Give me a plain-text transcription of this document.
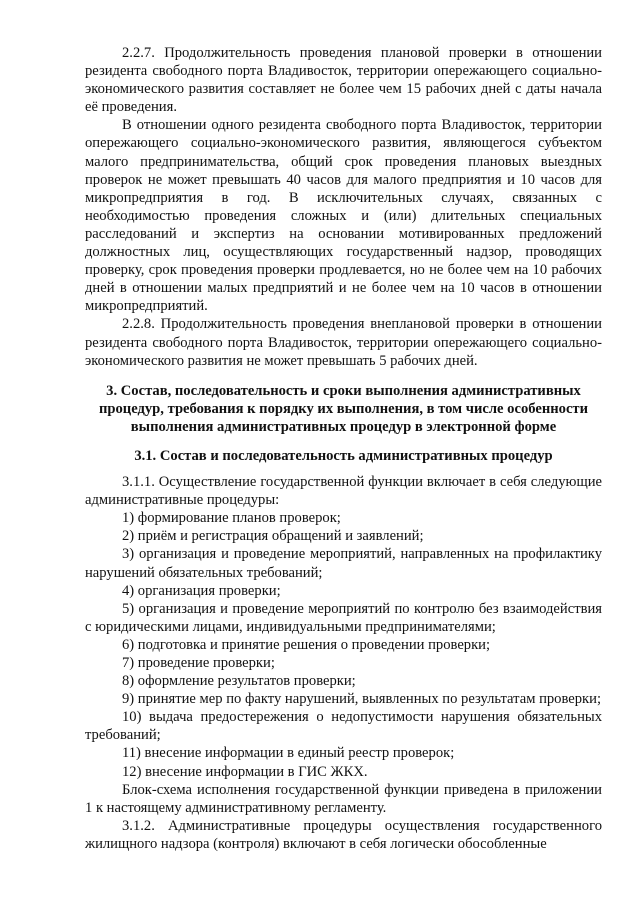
2.2.7. Продолжительность проведения плановой проверки в отношении резидента свободного порта Владивосток, территории опережающего социально-экономического развития составляет не более чем 15 рабочих дней с даты начала её проведения.

В отношении одного резидента свободного порта Владивосток, территории опережающего социально-экономического развития, являющегося субъектом малого предпринимательства, общий срок проведения плановых выездных проверок не может превышать 40 часов для малого предприятия и 10 часов для микропредприятия в год. В исключительных случаях, связанных с необходимостью проведения сложных и (или) длительных специальных расследований и экспертиз на основании мотивированных предложений должностных лиц, осуществляющих государственный надзор, проводящих проверку, срок проведения проверки продлевается, но не более чем на 10 рабочих дней в отношении малых предприятий и не более чем на 10 часов в отношении микропредприятий.

2.2.8. Продолжительность проведения внеплановой проверки в отношении резидента свободного порта Владивосток, территории опережающего социально-экономического развития не может превышать 5 рабочих дней.

3. Состав, последовательность и сроки выполнения административных процедур, требования к порядку их выполнения, в том числе особенности выполнения административных процедур в электронной форме
3.1. Состав и последовательность административных процедур

3.1.1. Осуществление государственной функции включает в себя следующие административные процедуры:

1) формирование планов проверок;

2) приём и регистрация обращений и заявлений;

3) организация и проведение мероприятий, направленных на профилактику нарушений обязательных требований;

4) организация проверки;

5) организация и проведение мероприятий по контролю без взаимодействия с юридическими лицами, индивидуальными предпринимателями;

6) подготовка и принятие решения о проведении проверки;

7) проведение проверки;

8) оформление результатов проверки;

9) принятие мер по факту нарушений, выявленных по результатам проверки;

10) выдача предостережения о недопустимости нарушения обязательных требований;

11) внесение информации в единый реестр проверок;

12) внесение информации в ГИС ЖКХ.

Блок-схема исполнения государственной функции приведена в приложении 1 к настоящему административному регламенту.

3.1.2. Административные процедуры осуществления государственного жилищного надзора (контроля) включают в себя логически обособленные
